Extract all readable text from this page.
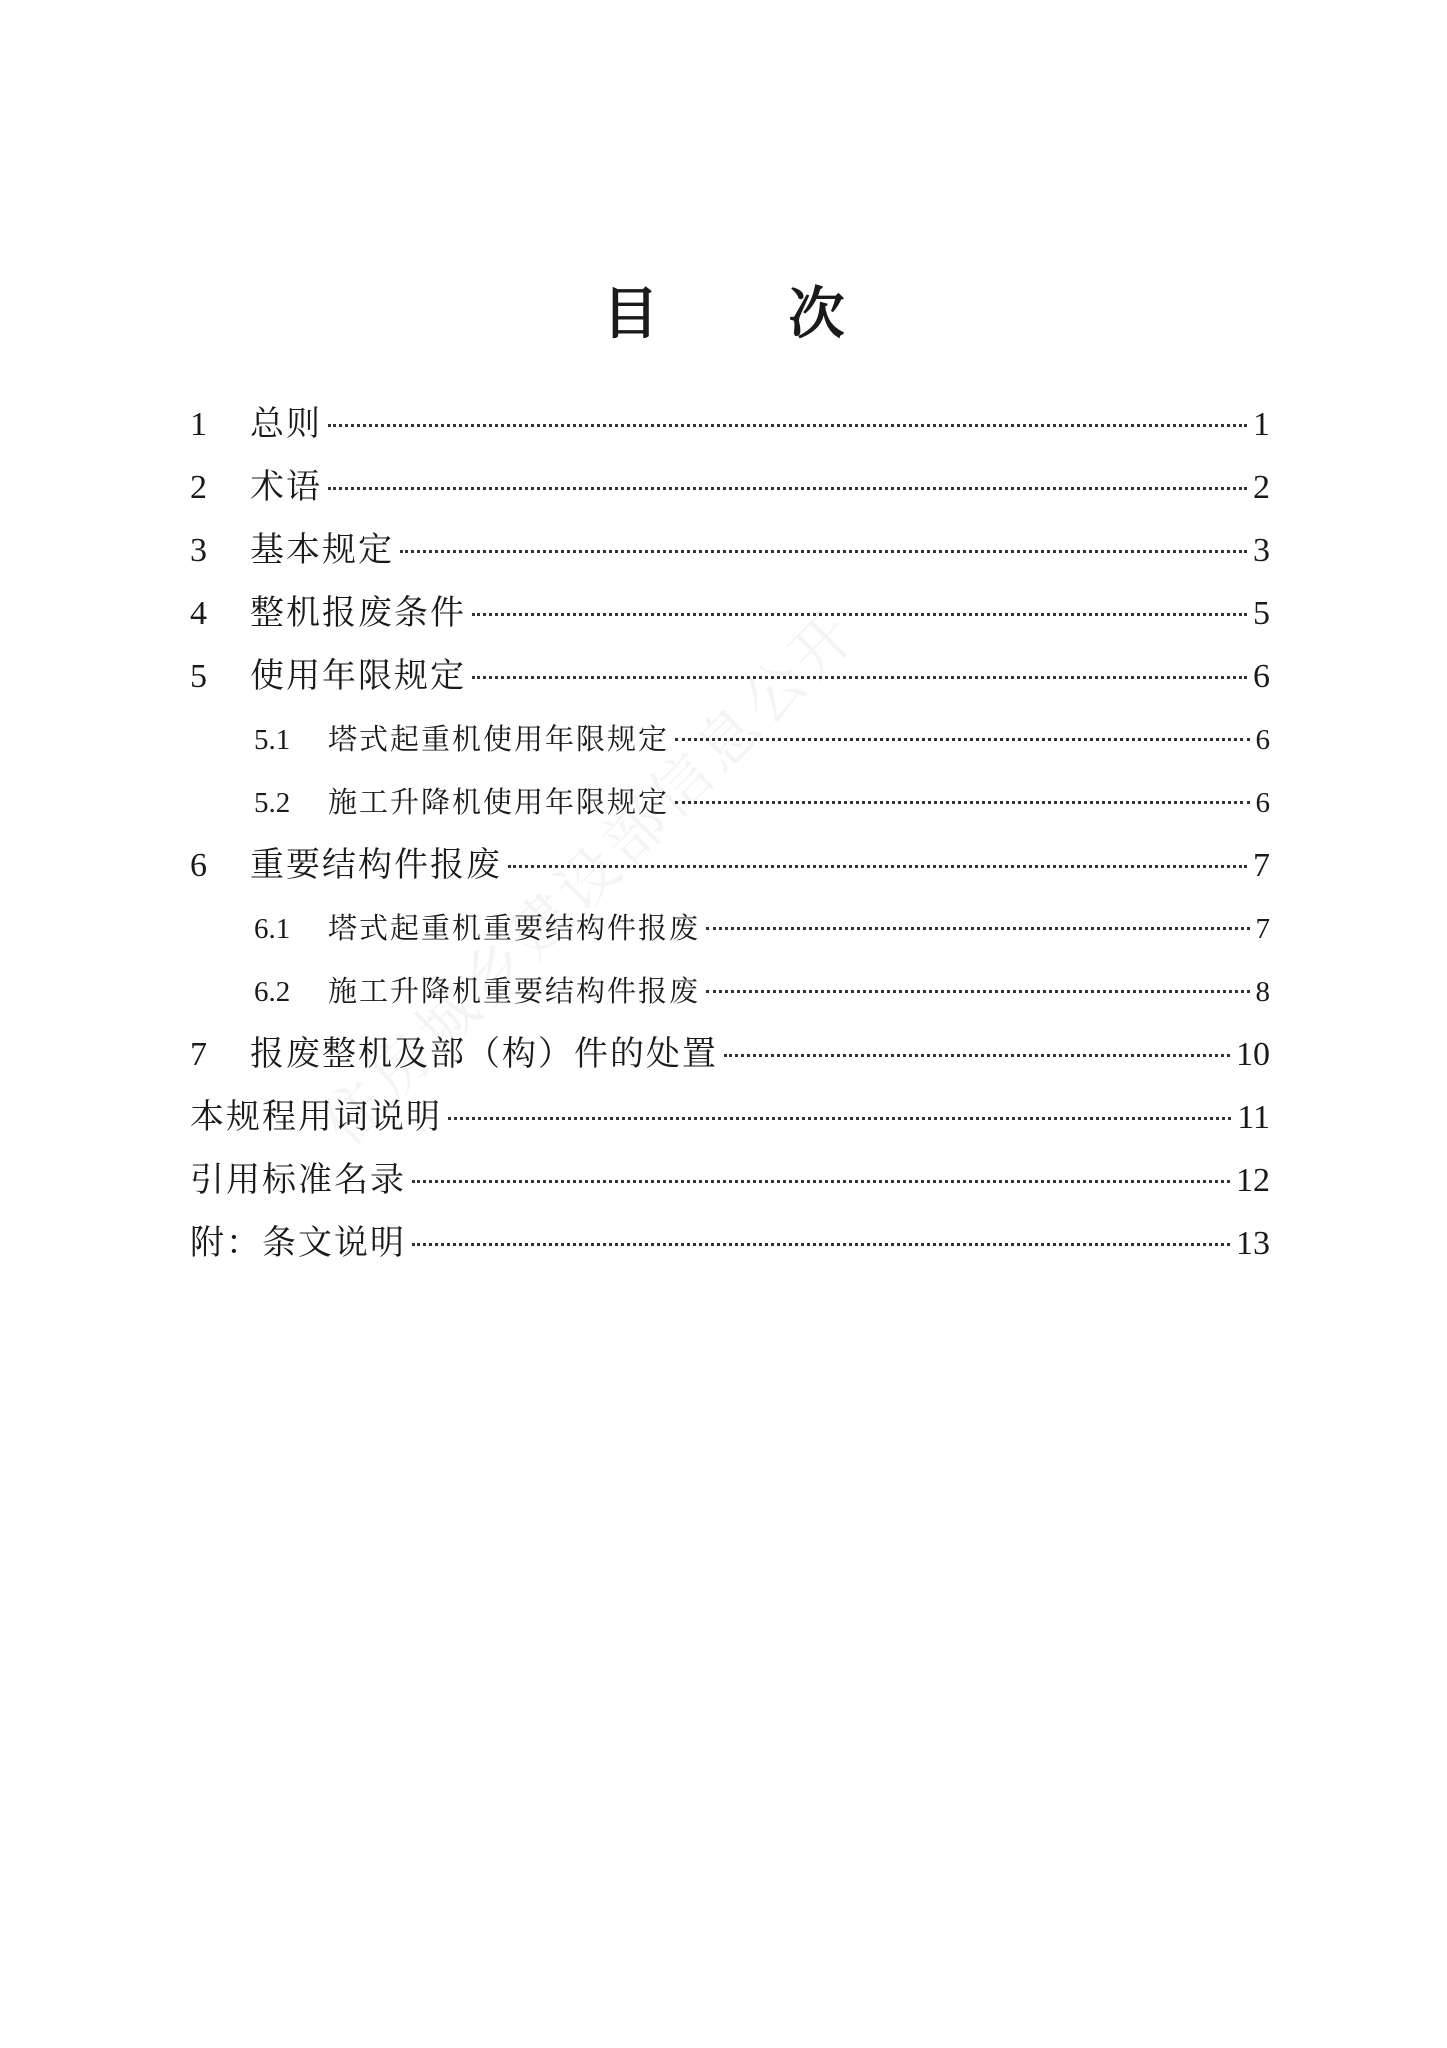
目 次
1	总则	1
2	术语	2
3	基本规定	3
4	整机报废条件	5
5	使用年限规定	6
5.1	塔式起重机使用年限规定	6
5.2	施工升降机使用年限规定	6
6	重要结构件报废	7
6.1	塔式起重机重要结构件报废	7
6.2	施工升降机重要结构件报废	8
7	报废整机及部（构）件的处置	10
本规程用词说明	11
引用标准名录	12
附：条文说明	13
